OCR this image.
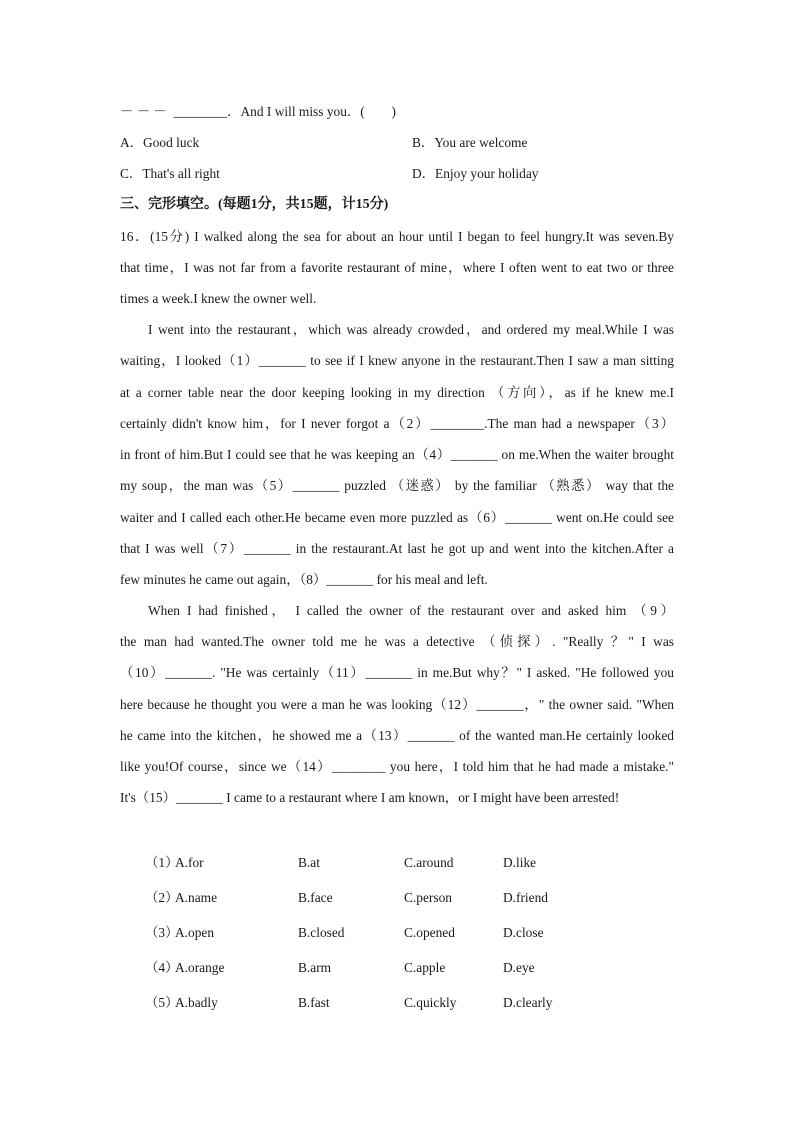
－ － －  ________．And I will miss you．(        )
A．Good luck	B．You are welcome
C．That's all right	D．Enjoy your holiday
三、完形填空。(每题1分，共15题，计15分)
16．(15分) I walked along the sea for about an hour until I began to feel hungry.It was seven.By
that time，I was not far from a favorite restaurant of mine，where I often went to eat two or three
times a week.I knew the owner well.
I went into the restaurant，which was already crowded，and ordered my meal.While I was
waiting，I looked（1）_______ to see if I knew anyone in the restaurant.Then I saw a man sitting
at a corner table near the door keeping looking in my direction （方向），as if he knew me.I
certainly didn't know him，for I never forgot a（2）________.The man had a newspaper（3）
in front of him.But I could see that he was keeping an（4）_______ on me.When the waiter brought
my soup，the man was（5）_______ puzzled （迷惑） by the familiar （熟悉） way that the
waiter and I called each other.He became even more puzzled as（6）_______ went on.He could see
that I was well（7）_______ in the restaurant.At last he got up and went into the kitchen.After a
few minutes he came out again，（8）_______ for his meal and left.
When I had finished， I called the owner of the restaurant over and asked him （9）
the man had wanted.The owner told me he was a detective （侦探）. "Really ？" I was
（10）_______. "He was certainly（11）_______ in me.But why？" I asked. "He followed you
here because he thought you were a man he was looking（12）_______，" the owner said. "When
he came into the kitchen，he showed me a（13）_______ of the wanted man.He certainly looked
like you!Of course，since we（14）________ you here，I told him that he had made a mistake."
It's（15）_______ I came to a restaurant where I am known，or I might have been arrested!
（1）
A.for	B.at	C.around	D.like
（2）
A.name	B.face	C.person	D.friend
（3）
A.open	B.closed	C.opened	D.close
（4）
A.orange	B.arm	C.apple	D.eye
（5）
A.badly	B.fast	C.quickly	D.clearly
